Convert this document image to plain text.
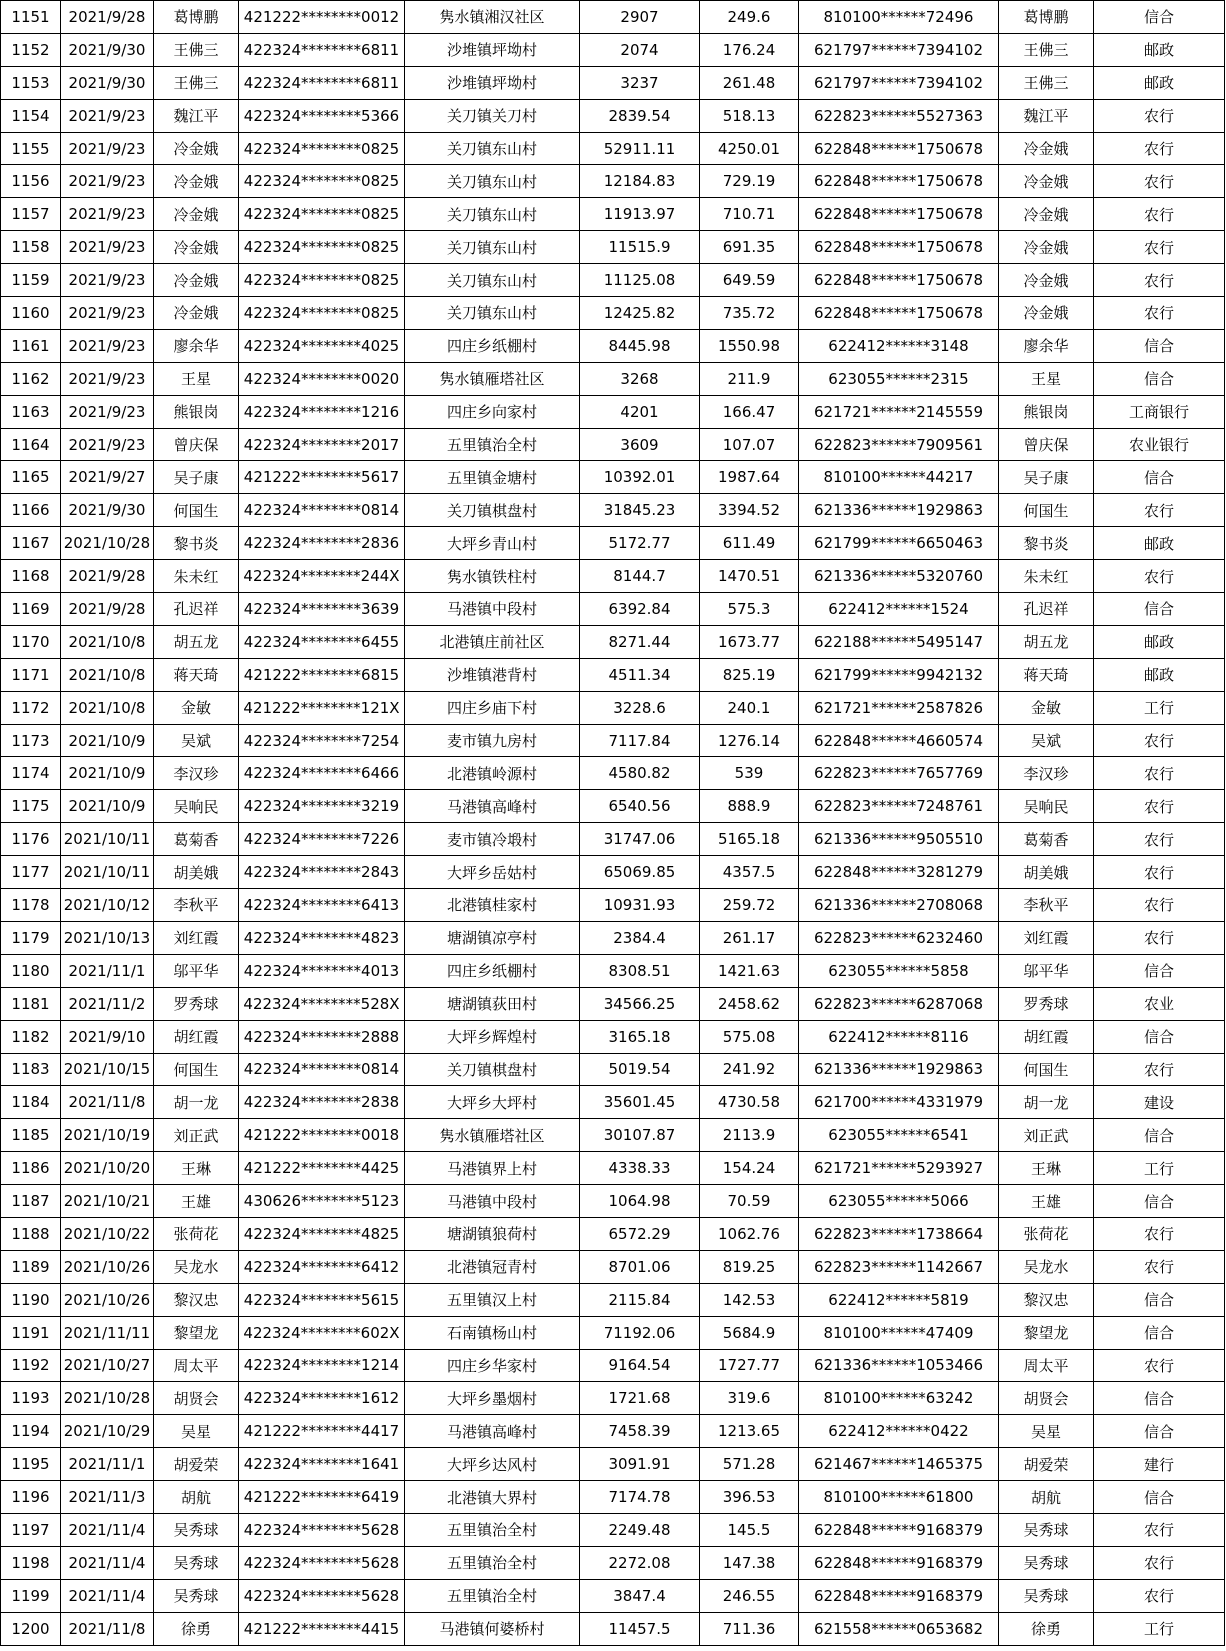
1151	2021/9/28	葛博鹏	421222********0012	隽水镇湘汉社区	2907	249.6	810100******72496	葛博鹏	信合
1152	2021/9/30	王佛三	422324********6811	沙堆镇坪坳村	2074	176.24	621797******7394102	王佛三	邮政
1153	2021/9/30	王佛三	422324********6811	沙堆镇坪坳村	3237	261.48	621797******7394102	王佛三	邮政
1154	2021/9/23	魏江平	422324********5366	关刀镇关刀村	2839.54	518.13	622823******5527363	魏江平	农行
1155	2021/9/23	冷金娥	422324********0825	关刀镇东山村	52911.11	4250.01	622848******1750678	冷金娥	农行
1156	2021/9/23	冷金娥	422324********0825	关刀镇东山村	12184.83	729.19	622848******1750678	冷金娥	农行
1157	2021/9/23	冷金娥	422324********0825	关刀镇东山村	11913.97	710.71	622848******1750678	冷金娥	农行
1158	2021/9/23	冷金娥	422324********0825	关刀镇东山村	11515.9	691.35	622848******1750678	冷金娥	农行
1159	2021/9/23	冷金娥	422324********0825	关刀镇东山村	11125.08	649.59	622848******1750678	冷金娥	农行
1160	2021/9/23	冷金娥	422324********0825	关刀镇东山村	12425.82	735.72	622848******1750678	冷金娥	农行
1161	2021/9/23	廖余华	422324********4025	四庄乡纸棚村	8445.98	1550.98	622412******3148	廖余华	信合
1162	2021/9/23	王星	422324********0020	隽水镇雁塔社区	3268	211.9	623055******2315	王星	信合
1163	2021/9/23	熊银岗	422324********1216	四庄乡向家村	4201	166.47	621721******2145559	熊银岗	工商银行
1164	2021/9/23	曾庆保	422324********2017	五里镇治全村	3609	107.07	622823******7909561	曾庆保	农业银行
1165	2021/9/27	吴子康	421222********5617	五里镇金塘村	10392.01	1987.64	810100******44217	吴子康	信合
1166	2021/9/30	何国生	422324********0814	关刀镇棋盘村	31845.23	3394.52	621336******1929863	何国生	农行
1167	2021/10/28	黎书炎	422324********2836	大坪乡青山村	5172.77	611.49	621799******6650463	黎书炎	邮政
1168	2021/9/28	朱未红	422324********244X	隽水镇铁柱村	8144.7	1470.51	621336******5320760	朱未红	农行
1169	2021/9/28	孔迟祥	422324********3639	马港镇中段村	6392.84	575.3	622412******1524	孔迟祥	信合
1170	2021/10/8	胡五龙	422324********6455	北港镇庄前社区	8271.44	1673.77	622188******5495147	胡五龙	邮政
1171	2021/10/8	蒋天琦	421222********6815	沙堆镇港背村	4511.34	825.19	621799******9942132	蒋天琦	邮政
1172	2021/10/8	金敏	421222********121X	四庄乡庙下村	3228.6	240.1	621721******2587826	金敏	工行
1173	2021/10/9	吴斌	422324********7254	麦市镇九房村	7117.84	1276.14	622848******4660574	吴斌	农行
1174	2021/10/9	李汉珍	422324********6466	北港镇岭源村	4580.82	539	622823******7657769	李汉珍	农行
1175	2021/10/9	吴响民	422324********3219	马港镇高峰村	6540.56	888.9	622823******7248761	吴响民	农行
1176	2021/10/11	葛菊香	422324********7226	麦市镇冷塅村	31747.06	5165.18	621336******9505510	葛菊香	农行
1177	2021/10/11	胡美娥	422324********2843	大坪乡岳姑村	65069.85	4357.5	622848******3281279	胡美娥	农行
1178	2021/10/12	李秋平	422324********6413	北港镇桂家村	10931.93	259.72	621336******2708068	李秋平	农行
1179	2021/10/13	刘红霞	422324********4823	塘湖镇凉亭村	2384.4	261.17	622823******6232460	刘红霞	农行
1180	2021/11/1	邬平华	422324********4013	四庄乡纸棚村	8308.51	1421.63	623055******5858	邬平华	信合
1181	2021/11/2	罗秀球	422324********528X	塘湖镇荻田村	34566.25	2458.62	622823******6287068	罗秀球	农业
1182	2021/9/10	胡红霞	422324********2888	大坪乡辉煌村	3165.18	575.08	622412******8116	胡红霞	信合
1183	2021/10/15	何国生	422324********0814	关刀镇棋盘村	5019.54	241.92	621336******1929863	何国生	农行
1184	2021/11/8	胡一龙	422324********2838	大坪乡大坪村	35601.45	4730.58	621700******4331979	胡一龙	建设
1185	2021/10/19	刘正武	421222********0018	隽水镇雁塔社区	30107.87	2113.9	623055******6541	刘正武	信合
1186	2021/10/20	王琳	421222********4425	马港镇界上村	4338.33	154.24	621721******5293927	王琳	工行
1187	2021/10/21	王雄	430626********5123	马港镇中段村	1064.98	70.59	623055******5066	王雄	信合
1188	2021/10/22	张荷花	422324********4825	塘湖镇狼荷村	6572.29	1062.76	622823******1738664	张荷花	农行
1189	2021/10/26	吴龙水	422324********6412	北港镇冠青村	8701.06	819.25	622823******1142667	吴龙水	农行
1190	2021/10/26	黎汉忠	422324********5615	五里镇汉上村	2115.84	142.53	622412******5819	黎汉忠	信合
1191	2021/11/11	黎望龙	422324********602X	石南镇杨山村	71192.06	5684.9	810100******47409	黎望龙	信合
1192	2021/10/27	周太平	422324********1214	四庄乡华家村	9164.54	1727.77	621336******1053466	周太平	农行
1193	2021/10/28	胡贤会	422324********1612	大坪乡墨烟村	1721.68	319.6	810100******63242	胡贤会	信合
1194	2021/10/29	吴星	421222********4417	马港镇高峰村	7458.39	1213.65	622412******0422	吴星	信合
1195	2021/11/1	胡爱荣	422324********1641	大坪乡达风村	3091.91	571.28	621467******1465375	胡爱荣	建行
1196	2021/11/3	胡航	421222********6419	北港镇大界村	7174.78	396.53	810100******61800	胡航	信合
1197	2021/11/4	吴秀球	422324********5628	五里镇治全村	2249.48	145.5	622848******9168379	吴秀球	农行
1198	2021/11/4	吴秀球	422324********5628	五里镇治全村	2272.08	147.38	622848******9168379	吴秀球	农行
1199	2021/11/4	吴秀球	422324********5628	五里镇治全村	3847.4	246.55	622848******9168379	吴秀球	农行
1200	2021/11/8	徐勇	421222********4415	马港镇何婆桥村	11457.5	711.36	621558******0653682	徐勇	工行
